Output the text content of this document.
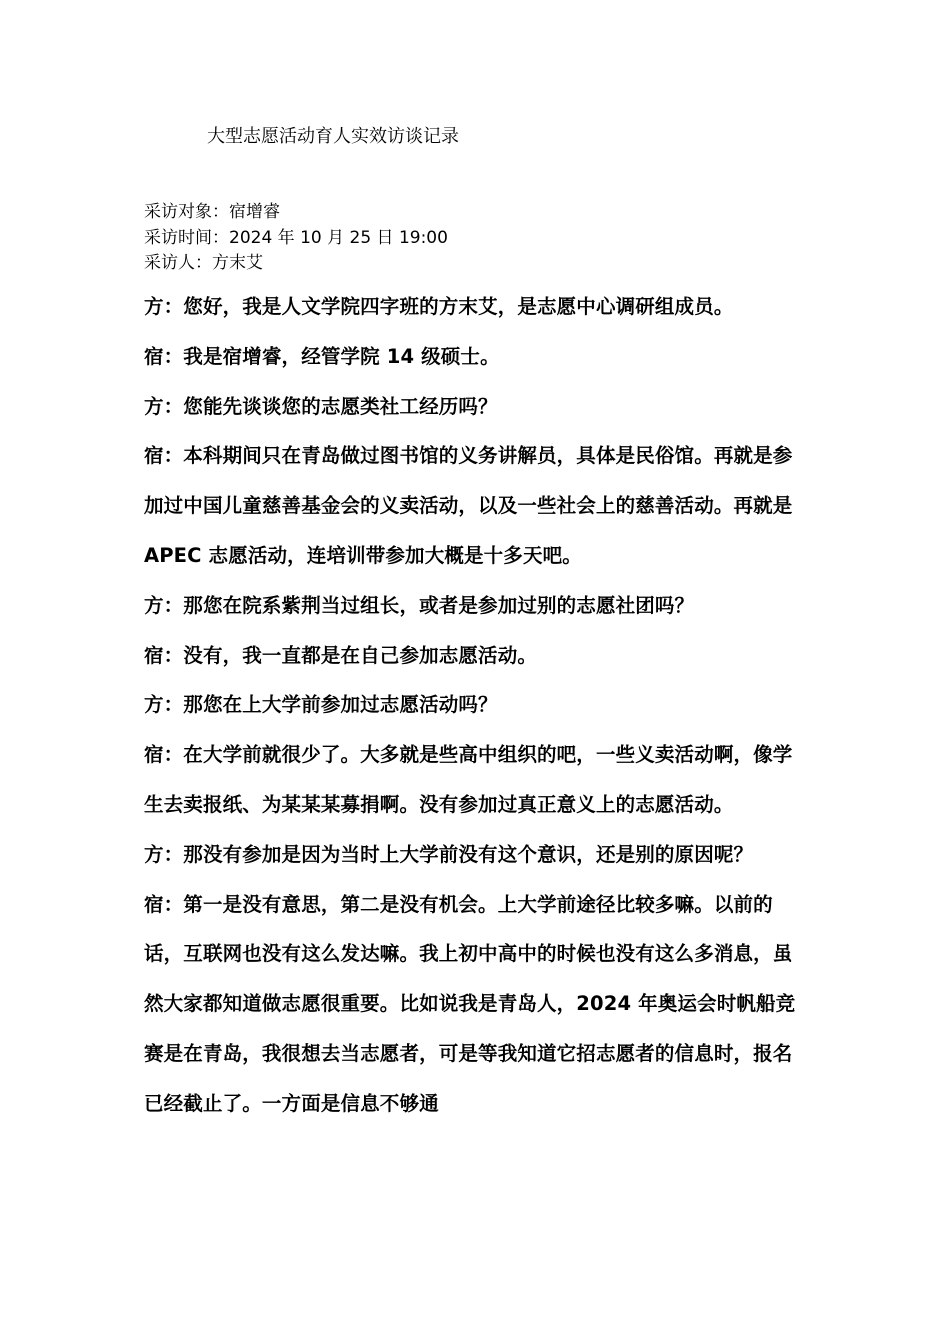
大型志愿活动育人实效访谈记录
采访对象：宿增睿
采访时间：2024 年 10 月 25 日 19:00
采访人：方末艾

方：您好，我是人文学院四字班的方末艾，是志愿中心调研组成员。

宿：我是宿增睿，经管学院 14 级硕士。

方：您能先谈谈您的志愿类社工经历吗？

宿：本科期间只在青岛做过图书馆的义务讲解员，具体是民俗馆。再就是参加过中国儿童慈善基金会的义卖活动，以及一些社会上的慈善活动。再就是 APEC 志愿活动，连培训带参加大概是十多天吧。

方：那您在院系紫荆当过组长，或者是参加过别的志愿社团吗？

宿：没有，我一直都是在自己参加志愿活动。

方：那您在上大学前参加过志愿活动吗？

宿：在大学前就很少了。大多就是些高中组织的吧，一些义卖活动啊，像学生去卖报纸、为某某某募捐啊。没有参加过真正意义上的志愿活动。

方：那没有参加是因为当时上大学前没有这个意识，还是别的原因呢？

宿：第一是没有意思，第二是没有机会。上大学前途径比较多嘛。以前的话，互联网也没有这么发达嘛。我上初中高中的时候也没有这么多消息，虽然大家都知道做志愿很重要。比如说我是青岛人，2024 年奥运会时帆船竞赛是在青岛，我很想去当志愿者，可是等我知道它招志愿者的信息时，报名已经截止了。一方面是信息不够通
